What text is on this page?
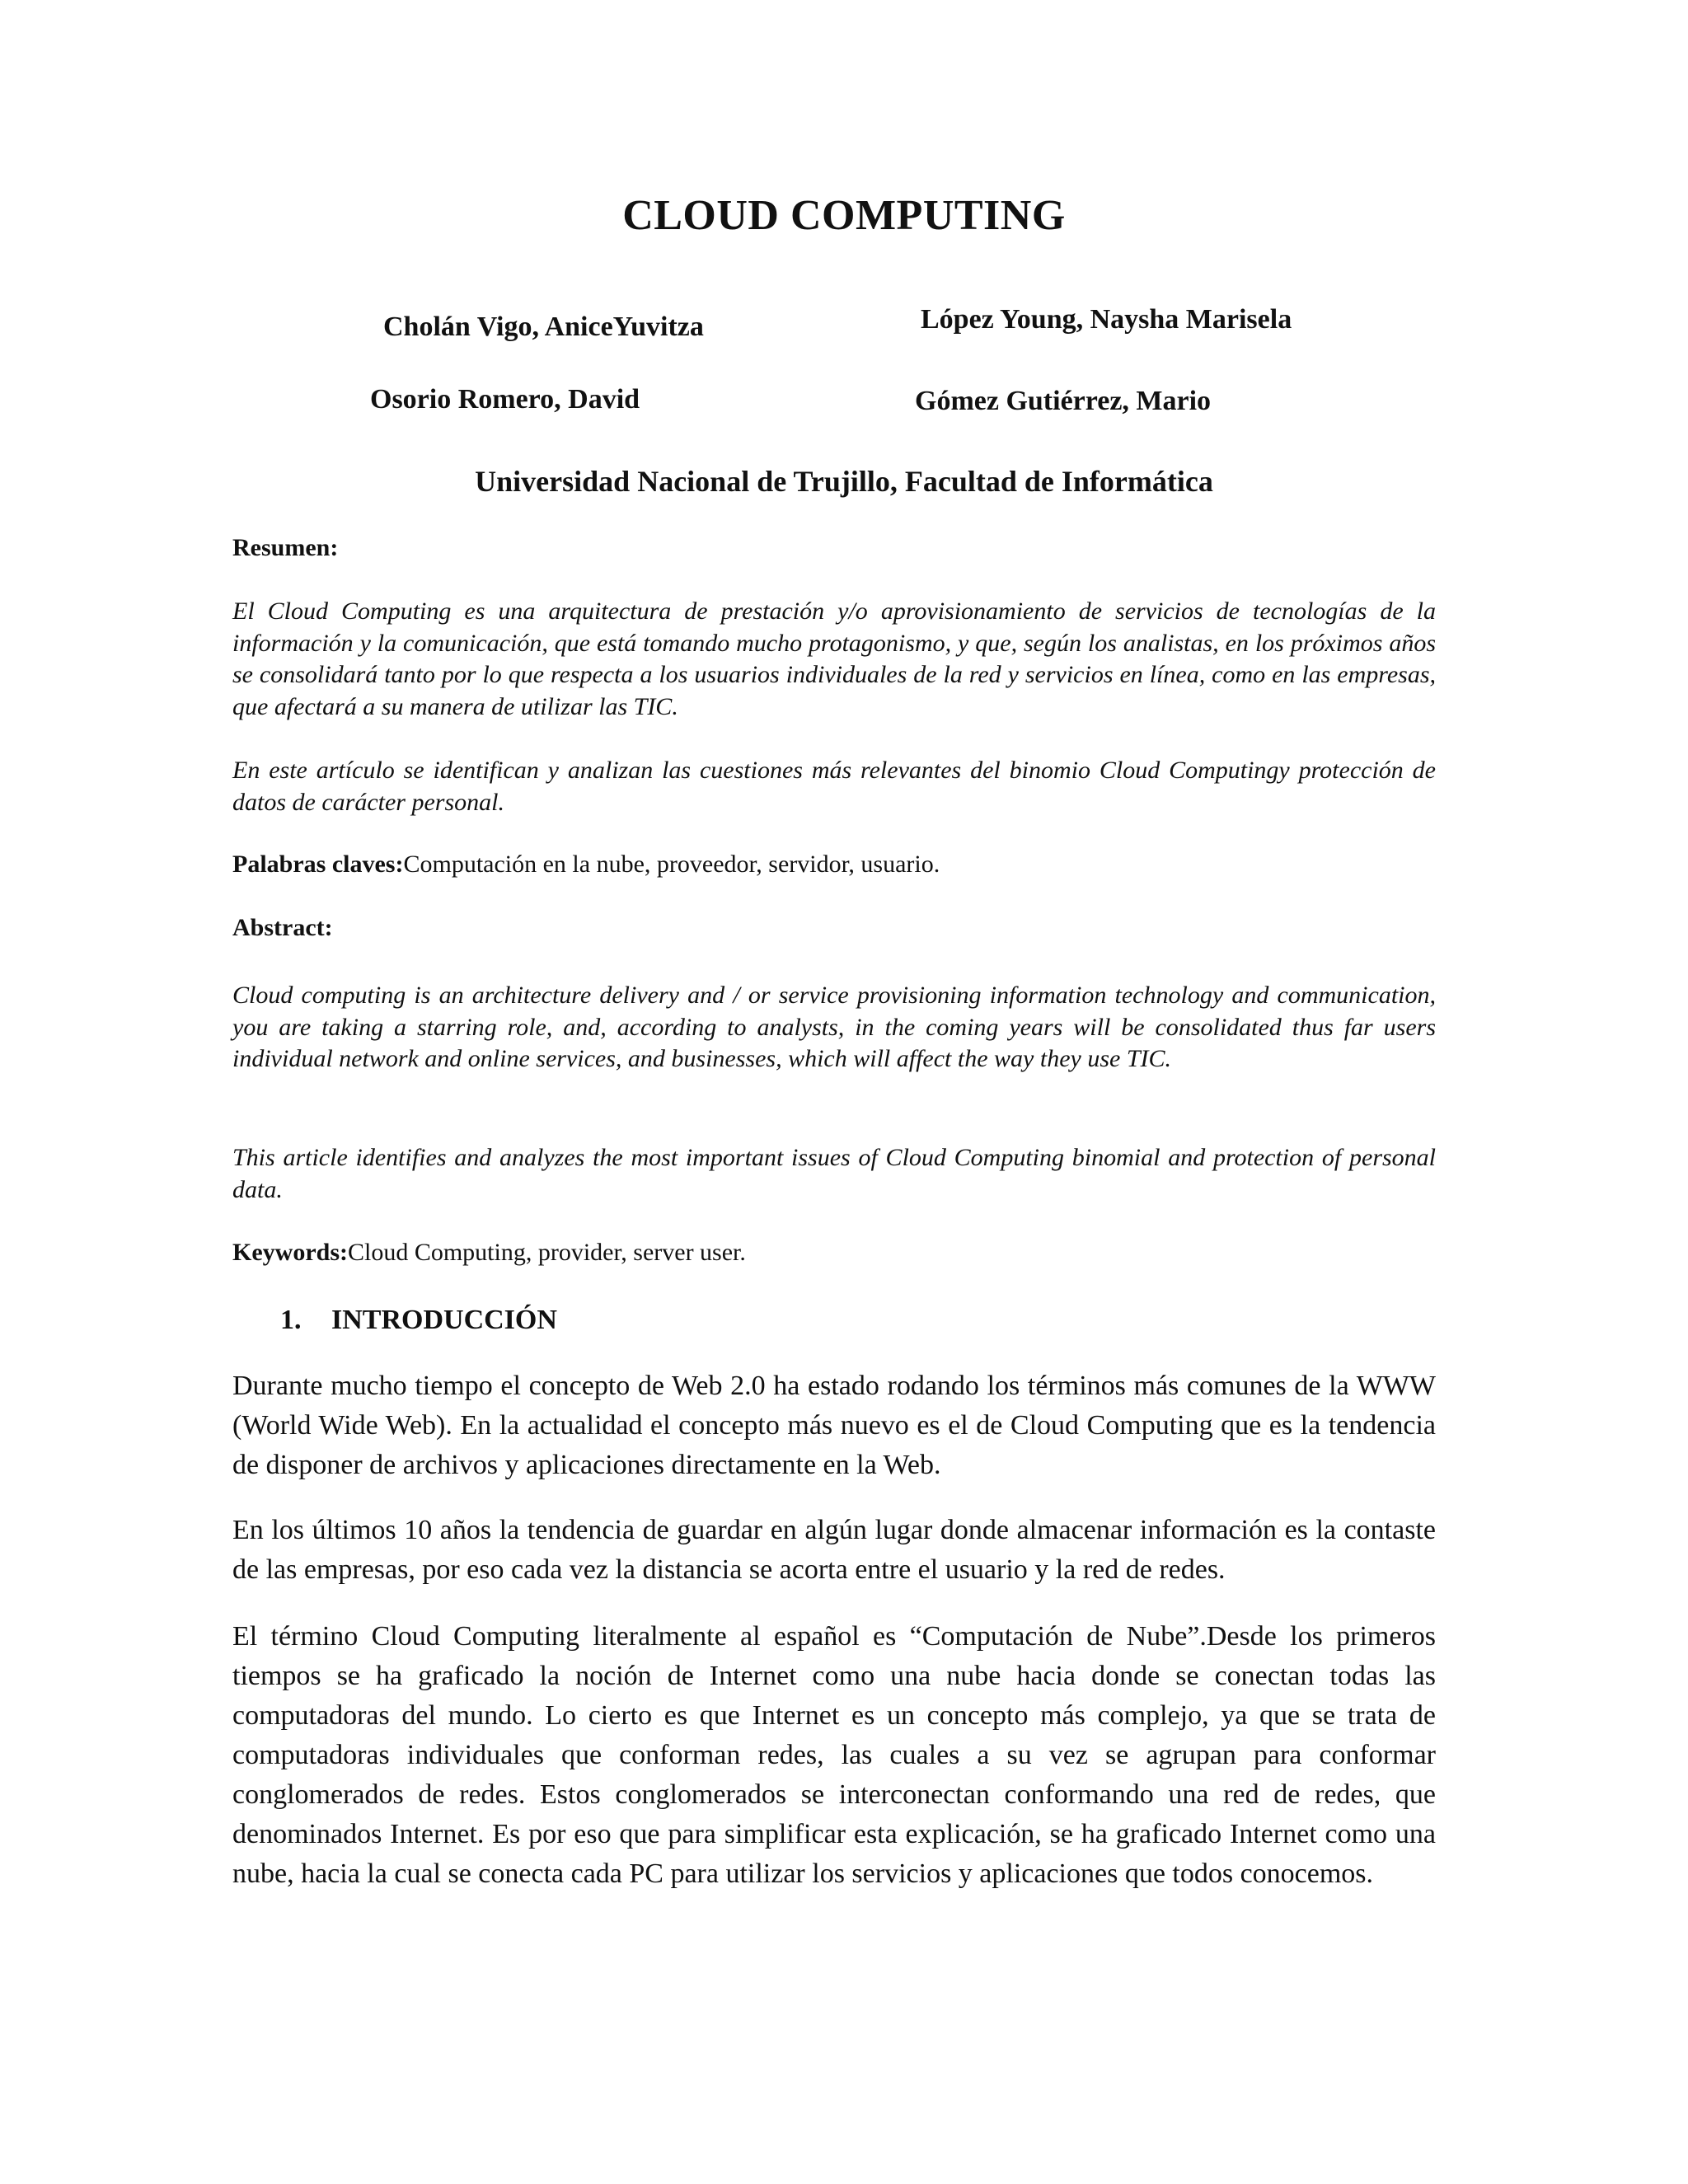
CLOUD COMPUTING
Cholán Vigo, AniceYuvitza	López Young, Naysha Marisela
Osorio Romero, David	Gómez Gutiérrez, Mario
Universidad Nacional de Trujillo, Facultad de Informática
Resumen:

El Cloud Computing es una arquitectura de prestación y/o aprovisionamiento de servicios de tecnologías de la información y la comunicación, que está tomando mucho protagonismo, y que, según los analistas, en los próximos años se consolidará tanto por lo que respecta a los usuarios individuales de la red y servicios en línea, como en las empresas, que afectará a su manera de utilizar las TIC.

En este artículo se identifican y analizan las cuestiones más relevantes del binomio Cloud Computingy protección de datos de carácter personal.

Palabras claves:Computación en la nube, proveedor, servidor, usuario.

Abstract:

Cloud computing is an architecture delivery and / or service provisioning information technology and communication, you are taking a starring role, and, according to analysts, in the coming years will be consolidated thus far users individual network and online services, and businesses, which will affect the way they use TIC.

This article identifies and analyzes the most important issues of Cloud Computing binomial and protection of personal data.

Keywords:Cloud Computing, provider, server user.

1. INTRODUCCIÓN

Durante mucho tiempo el concepto de Web 2.0 ha estado rodando los términos más comunes de la WWW (World Wide Web). En la actualidad el concepto más nuevo es el de Cloud Computing que es la tendencia de disponer de archivos y aplicaciones directamente en la Web.

En los últimos 10 años la tendencia de guardar en algún lugar donde almacenar información es la contaste de las empresas, por eso cada vez la distancia se acorta entre el usuario y la red de redes.

El término Cloud Computing literalmente al español es “Computación de Nube”.Desde los primeros tiempos se ha graficado la noción de Internet como una nube hacia donde se conectan todas las computadoras del mundo. Lo cierto es que Internet es un concepto más complejo, ya que se trata de computadoras individuales que conforman redes, las cuales a su vez se agrupan para conformar conglomerados de redes. Estos conglomerados se interconectan conformando una red de redes, que denominados Internet. Es por eso que para simplificar esta explicación, se ha graficado Internet como una nube, hacia la cual se conecta cada PC para utilizar los servicios y aplicaciones que todos conocemos.
